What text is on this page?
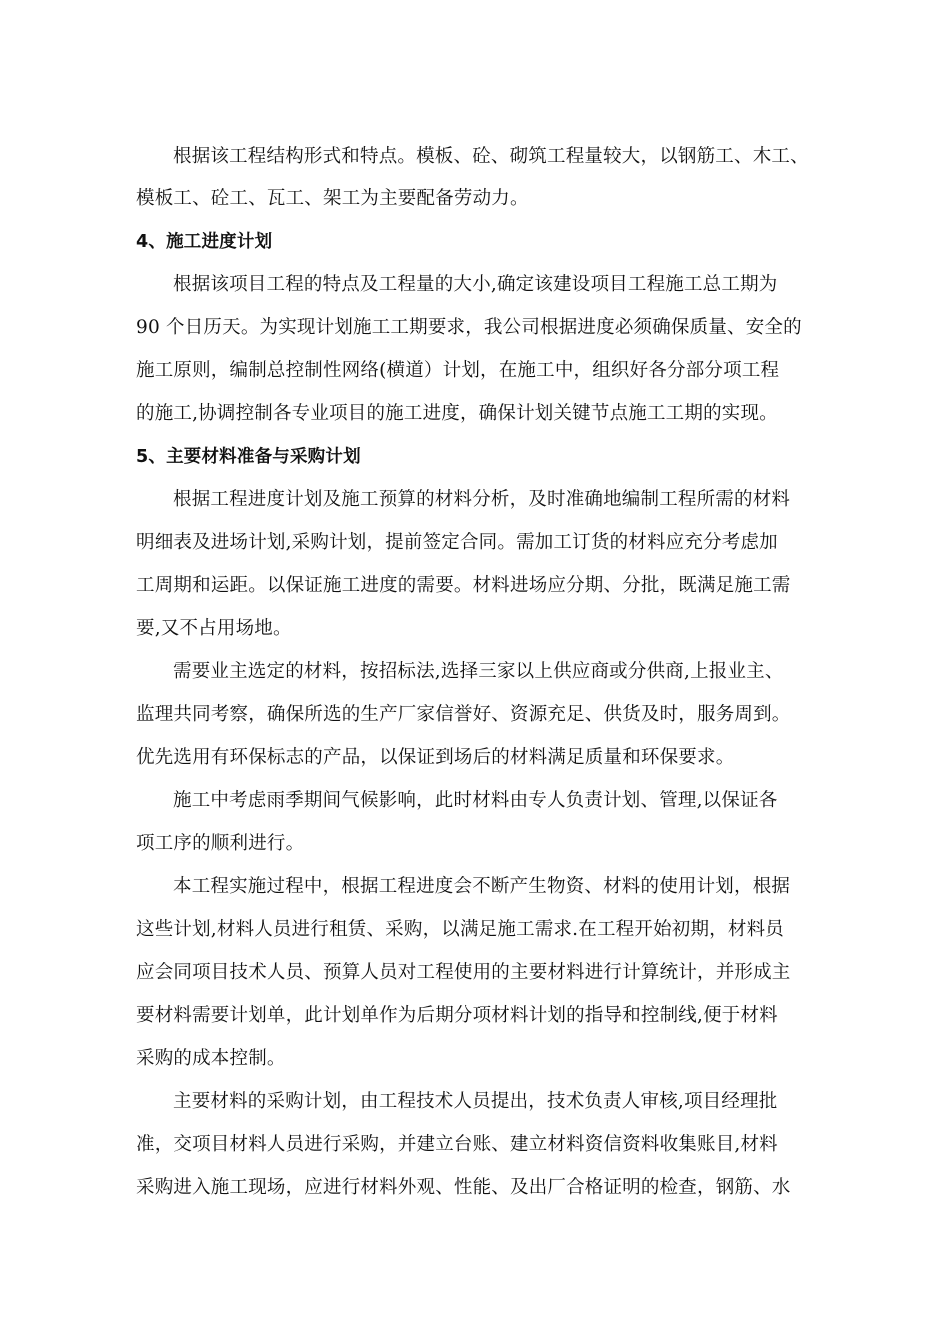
根据该工程结构形式和特点。模板、砼、砌筑工程量较大，以钢筋工、木工、
模板工、砼工、瓦工、架工为主要配备劳动力。
4、施工进度计划
根据该项目工程的特点及工程量的大小,确定该建设项目工程施工总工期为
90 个日历天。为实现计划施工工期要求，我公司根据进度必须确保质量、安全的
施工原则，编制总控制性网络(横道）计划，在施工中，组织好各分部分项工程
的施工,协调控制各专业项目的施工进度，确保计划关键节点施工工期的实现。
5、主要材料准备与采购计划
根据工程进度计划及施工预算的材料分析，及时准确地编制工程所需的材料
明细表及进场计划,采购计划，提前签定合同。需加工订货的材料应充分考虑加
工周期和运距。以保证施工进度的需要。材料进场应分期、分批，既满足施工需
要,又不占用场地。
需要业主选定的材料，按招标法,选择三家以上供应商或分供商,上报业主、
监理共同考察，确保所选的生产厂家信誉好、资源充足、供货及时，服务周到。
优先选用有环保标志的产品，以保证到场后的材料满足质量和环保要求。
施工中考虑雨季期间气候影响，此时材料由专人负责计划、管理,以保证各
项工序的顺利进行。
本工程实施过程中，根据工程进度会不断产生物资、材料的使用计划，根据
这些计划,材料人员进行租赁、采购，以满足施工需求.在工程开始初期，材料员
应会同项目技术人员、预算人员对工程使用的主要材料进行计算统计，并形成主
要材料需要计划单，此计划单作为后期分项材料计划的指导和控制线,便于材料
采购的成本控制。
主要材料的采购计划，由工程技术人员提出，技术负责人审核,项目经理批
准，交项目材料人员进行采购，并建立台账、建立材料资信资料收集账目,材料
采购进入施工现场，应进行材料外观、性能、及出厂合格证明的检查，钢筋、水
